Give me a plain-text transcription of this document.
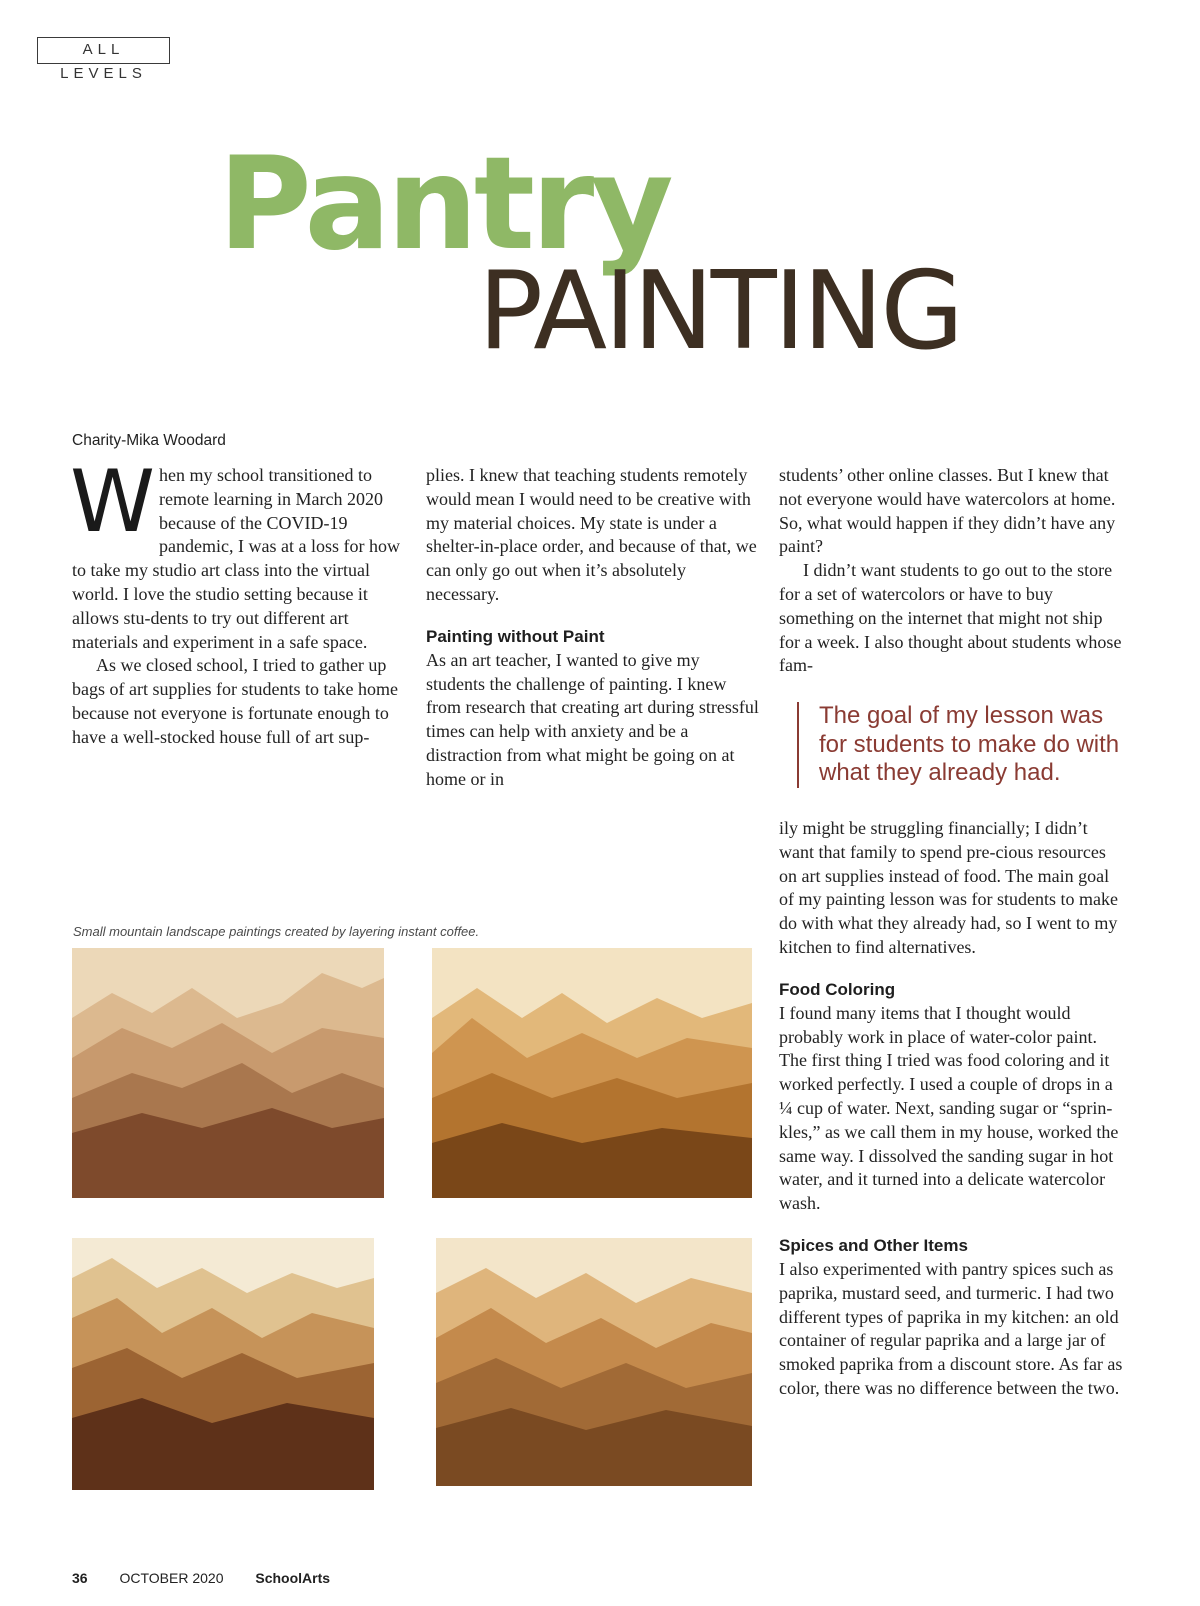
ALL LEVELS
Pantry
PAINTING

Charity-Mika Woodard

When my school transitioned to remote learning in March 2020 because of the COVID-19 pandemic, I was at a loss for how to take my studio art class into the virtual world. I love the studio setting because it allows stu-dents to try out different art materials and experiment in a safe space.

As we closed school, I tried to gather up bags of art supplies for students to take home because not everyone is fortunate enough to have a well-stocked house full of art sup-

plies. I knew that teaching students remotely would mean I would need to be creative with my material choices. My state is under a shelter-in-place order, and because of that, we can only go out when it’s absolutely necessary.

Painting without Paint

As an art teacher, I wanted to give my students the challenge of painting. I knew from research that creating art during stressful times can help with anxiety and be a distraction from what might be going on at home or in

students’ other online classes. But I knew that not everyone would have watercolors at home. So, what would happen if they didn’t have any paint?

I didn’t want students to go out to the store for a set of watercolors or have to buy something on the internet that might not ship for a week. I also thought about students whose fam-

The goal of my lesson was for students to make do with what they already had.

ily might be struggling financially; I didn’t want that family to spend pre-cious resources on art supplies instead of food. The main goal of my painting lesson was for students to make do with what they already had, so I went to my kitchen to find alternatives.

Food Coloring

I found many items that I thought would probably work in place of water-color paint. The first thing I tried was food coloring and it worked perfectly. I used a couple of drops in a ¼ cup of water. Next, sanding sugar or “sprin-kles,” as we call them in my house, worked the same way. I dissolved the sanding sugar in hot water, and it turned into a delicate watercolor wash.

Spices and Other Items

I also experimented with pantry spices such as paprika, mustard seed, and turmeric. I had two different types of paprika in my kitchen: an old container of regular paprika and a large jar of smoked paprika from a discount store. As far as color, there was no difference between the two.

Small mountain landscape paintings created by layering instant coffee.

36 OCTOBER 2020 SchoolArts
